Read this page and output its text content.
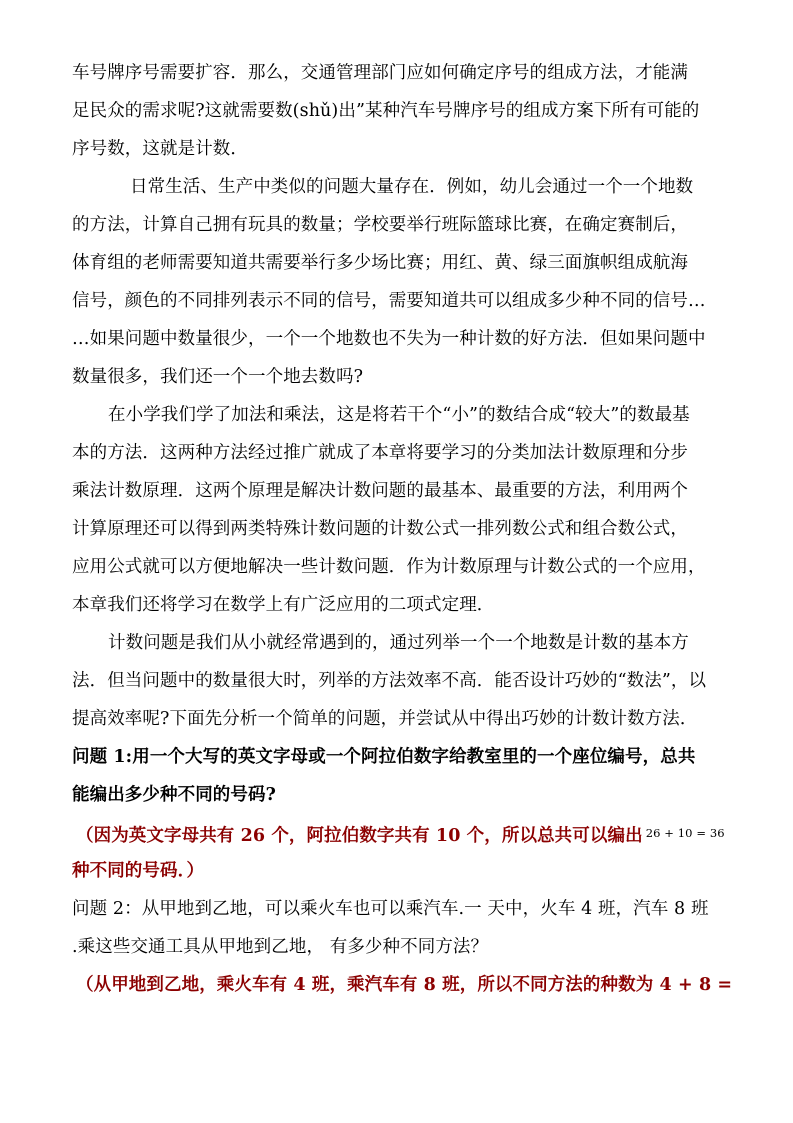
车号牌序号需要扩容．那么，交通管理部门应如何确定序号的组成方法，才能满
足民众的需求呢?这就需要数(shǔ)出”某种汽车号牌序号的组成方案下所有可能的
序号数，这就是计数．
日常生活、生产中类似的问题大量存在．例如，幼儿会通过一个一个地数
的方法，计算自己拥有玩具的数量；学校要举行班际篮球比赛，在确定赛制后，
体育组的老师需要知道共需要举行多少场比赛；用红、黄、绿三面旗帜组成航海
信号，颜色的不同排列表示不同的信号，需要知道共可以组成多少种不同的信号…
…如果问题中数量很少，一个一个地数也不失为一种计数的好方法．但如果问题中
数量很多，我们还一个一个地去数吗?
在小学我们学了加法和乘法，这是将若干个“小”的数结合成“较大”的数最基
本的方法．这两种方法经过推广就成了本章将要学习的分类加法计数原理和分步
乘法计数原理．这两个原理是解决计数问题的最基本、最重要的方法，利用两个
计算原理还可以得到两类特殊计数问题的计数公式一排列数公式和组合数公式，
应用公式就可以方便地解决一些计数问题．作为计数原理与计数公式的一个应用，
本章我们还将学习在数学上有广泛应用的二项式定理．
计数问题是我们从小就经常遇到的，通过列举一个一个地数是计数的基本方
法．但当问题中的数量很大时，列举的方法效率不高．能否设计巧妙的“数法”，以
提高效率呢?下面先分析一个简单的问题，并尝试从中得出巧妙的计数计数方法．
问题 1:用一个大写的英文字母或一个阿拉伯数字给教室里的一个座位编号，总共
能编出多少种不同的号码?
（因为英文字母共有 26 个，阿拉伯数字共有 10 个，所以总共可以编出 $^{26 + 10 = 36}$
种不同的号码．）
问题 2：从甲地到乙地，可以乘火车也可以乘汽车.一 天中，火车 4 班，汽车 8 班
.乘这些交通工具从甲地到乙地， 有多少种不同方法？
（从甲地到乙地，乘火车有 4 班，乘汽车有 8 班，所以不同方法的种数为 4 + 8 =
